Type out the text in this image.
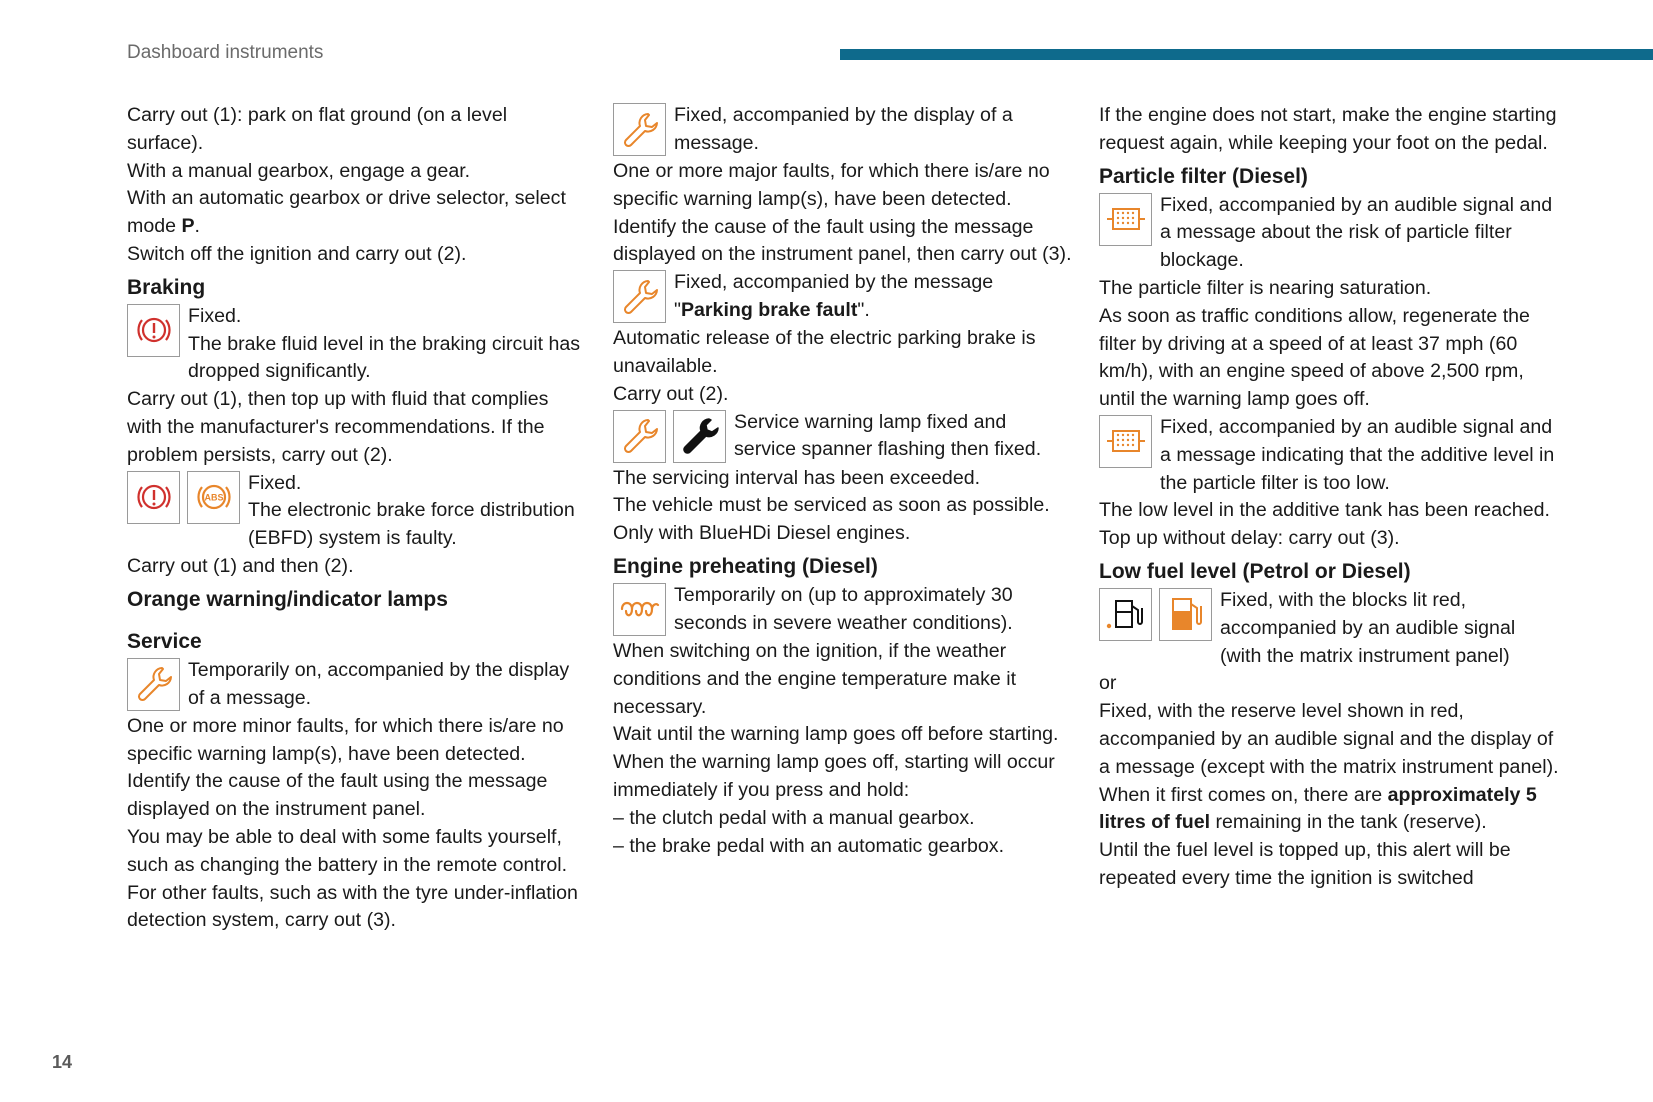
Dashboard instruments

Carry out (1): park on flat ground (on a level surface).

With a manual gearbox, engage a gear.

With an automatic gearbox or drive selector, select mode P.

Switch off the ignition and carry out (2).

Braking

Fixed.

The brake fluid level in the braking circuit has dropped significantly.

Carry out (1), then top up with fluid that complies with the manufacturer's recommendations. If the problem persists, carry out (2).

ABS

Fixed.

The electronic brake force distribution (EBFD) system is faulty.

Carry out (1) and then (2).

Orange warning/indicator lamps
Service

Temporarily on, accompanied by the display of a message.

One or more minor faults, for which there is/are no specific warning lamp(s), have been detected.

Identify the cause of the fault using the message displayed on the instrument panel.

You may be able to deal with some faults yourself, such as changing the battery in the remote control.

For other faults, such as with the tyre under-inflation detection system, carry out (3).

Fixed, accompanied by the display of a message.

One or more major faults, for which there is/are no specific warning lamp(s), have been detected.

Identify the cause of the fault using the message displayed on the instrument panel, then carry out (3).

Fixed, accompanied by the message "Parking brake fault".

Automatic release of the electric parking brake is unavailable.

Carry out (2).

Service warning lamp fixed and service spanner flashing then fixed.

The servicing interval has been exceeded.

The vehicle must be serviced as soon as possible.

Only with BlueHDi Diesel engines.

Engine preheating (Diesel)

Temporarily on (up to approximately 30 seconds in severe weather conditions).

When switching on the ignition, if the weather conditions and the engine temperature make it necessary.

Wait until the warning lamp goes off before starting.

When the warning lamp goes off, starting will occur immediately if you press and hold:

– the clutch pedal with a manual gearbox.

– the brake pedal with an automatic gearbox.

If the engine does not start, make the engine starting request again, while keeping your foot on the pedal.

Particle filter (Diesel)

Fixed, accompanied by an audible signal and a message about the risk of particle filter blockage.

The particle filter is nearing saturation.

As soon as traffic conditions allow, regenerate the filter by driving at a speed of at least 37 mph (60 km/h), with an engine speed of above 2,500 rpm, until the warning lamp goes off.

Fixed, accompanied by an audible signal and a message indicating that the additive level in the particle filter is too low.

The low level in the additive tank has been reached.

Top up without delay: carry out (3).

Low fuel level (Petrol or Diesel)

Fixed, with the blocks lit red, accompanied by an audible signal (with the matrix instrument panel)

or

Fixed, with the reserve level shown in red, accompanied by an audible signal and the display of a message (except with the matrix instrument panel).

When it first comes on, there are approximately 5 litres of fuel remaining in the tank (reserve).

Until the fuel level is topped up, this alert will be repeated every time the ignition is switched

14
